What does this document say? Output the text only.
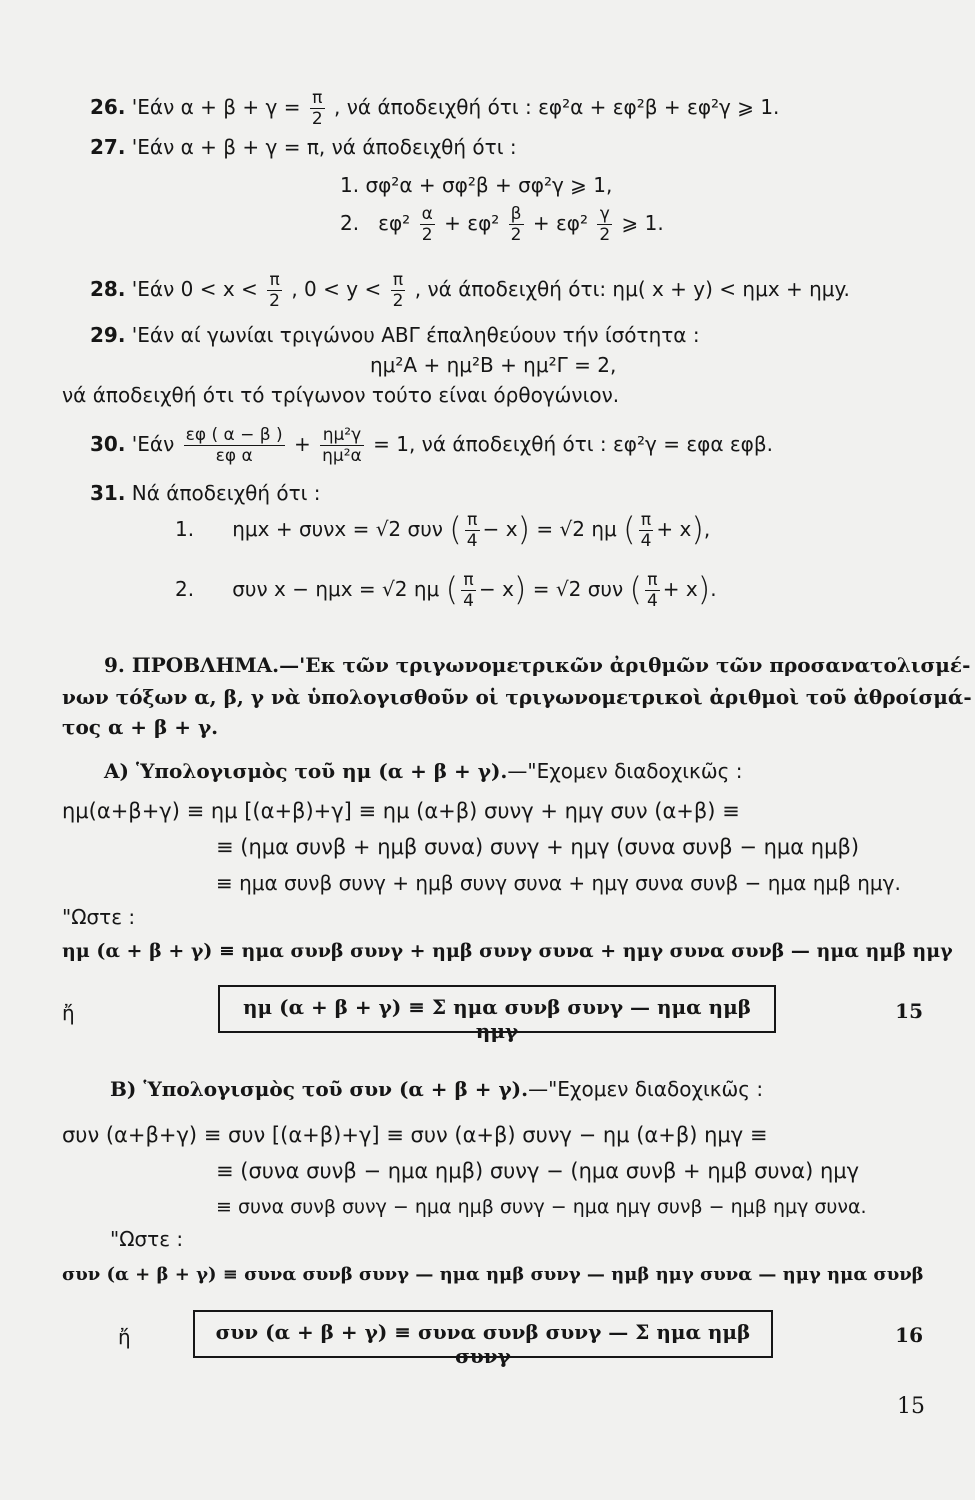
26. 'Εάν $\alpha + \beta + \gamma = \frac{\pi}{2}$ , νά άποδειχθή ότι : εφ²α + εφ²β + εφ²γ ⩾ 1.
27. 'Εάν α + β + γ = π, νά άποδειχθή ότι :
1. σφ²α + σφ²β + σφ²γ ⩾ 1,
2. $\varepsilon\varphi^2 \frac{\alpha}{2} + \varepsilon\varphi^2 \frac{\beta}{2} + \varepsilon\varphi^2 \frac{\gamma}{2}$ ⩾ 1.
28. 'Εάν $0 < x < \frac{\pi}{2}$ , $0 < y < \frac{\pi}{2}$ , νά άποδειχθή ότι: ημ( x + y) < ημx + ημy.
29. 'Εάν αί γωνίαι τριγώνου ΑΒΓ έπαληθεύουν τήν ίσότητα :
ημ²Α + ημ²Β + ημ²Γ = 2,
νά άποδειχθή ότι τό τρίγωνον τούτο είναι όρθογώνιον.
30. '$Eά\nu \frac{\varepsilon\varphi ( \alpha - \beta )}{\text{εφ α}} + \frac{\text{ημ²γ}}{\text{ημ²α}} = 1$, νά άποδειχθή ότι : εφ²γ = εφα εφβ.
31. Νά άποδειχθή ότι :
1. ημx + συνx = √2 συν ( $\frac{\pi}{4} - x) = √2$ ημ ( $\frac{\pi}{4} + x$),
2. συν x − ημx = √2 ημ ( $\frac{\pi}{4} - x) = √2$ συν ( $\frac{\pi}{4} + x$).
9. ΠΡΟΒΛΗΜΑ.—'Εκ τῶν τριγωνομετρικῶν ἀριθμῶν τῶν προσανατολισμέ-
νων τόξων α, β, γ νὰ ὑπολογισθοῦν οἱ τριγωνομετρικοὶ ἀριθμοὶ τοῦ ἀθροίσμά-
τος α + β + γ.
A) Ὑπολογισμὸς τοῦ ημ (α + β + γ).—"Εχομεν διαδοχικῶς :
ημ(α+β+γ) ≡ ημ [(α+β)+γ] ≡ ημ (α+β) συνγ + ημγ συν (α+β) ≡
≡ (ημα συνβ + ημβ συνα) συνγ + ημγ (συνα συνβ − ημα ημβ)
≡ ημα συνβ συνγ + ημβ συνγ συνα + ημγ συνα συνβ − ημα ημβ ημγ.
"Ωστε :
ημ (α + β + γ) ≡ ημα συνβ συνγ + ημβ συνγ συνα + ημγ συνα συνβ — ημα ημβ ημγ
ἤ	ημ (α + β + γ) ≡ Σ ημα συνβ συνγ — ημα ημβ ημγ
15
B) Ὑπολογισμὸς τοῦ συν (α + β + γ).—"Εχομεν διαδοχικῶς :
συν (α+β+γ) ≡ συν [(α+β)+γ] ≡ συν (α+β) συνγ − ημ (α+β) ημγ ≡
≡ (συνα συνβ − ημα ημβ) συνγ − (ημα συνβ + ημβ συνα) ημγ
≡ συνα συνβ συνγ − ημα ημβ συνγ − ημα ημγ συνβ − ημβ ημγ συνα.
"Ωστε :
συν (α + β + γ) ≡ συνα συνβ συνγ — ημα ημβ συνγ — ημβ ημγ συνα — ημγ ημα συνβ
ἤ	συν (α + β + γ) ≡ συνα συνβ συνγ — Σ ημα ημβ συνγ
16
15
